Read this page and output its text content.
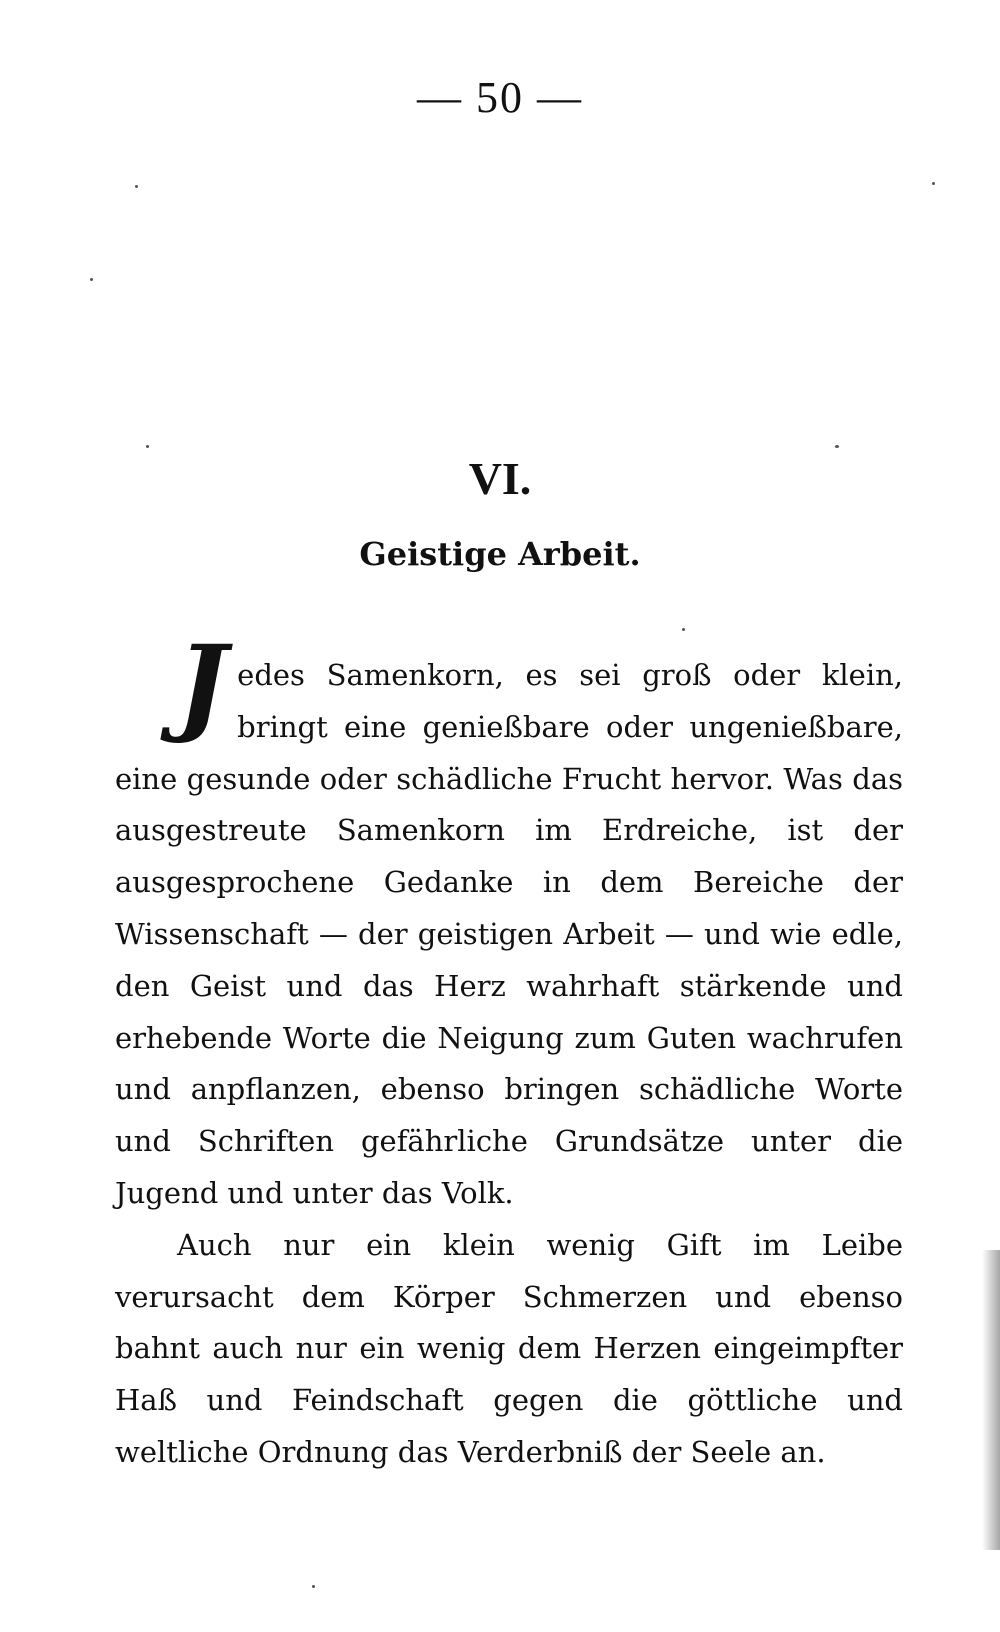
— 50 —
VI.
Geistige Arbeit.

Jedes Samenkorn, es sei groß oder klein, bringt eine genießbare oder ungenießbare, eine gesunde oder schädliche Frucht hervor. Was das ausgestreute Samenkorn im Erdreiche, ist der ausgesprochene Gedanke in dem Bereiche der Wissenschaft — der geistigen Arbeit — und wie edle, den Geist und das Herz wahrhaft stärkende und erhebende Worte die Neigung zum Guten wachrufen und anpflanzen, ebenso bringen schädliche Worte und Schriften gefährliche Grundsätze unter die Jugend und unter das Volk.

Auch nur ein klein wenig Gift im Leibe verursacht dem Körper Schmerzen und ebenso bahnt auch nur ein wenig dem Herzen eingeimpfter Haß und Feindschaft gegen die göttliche und weltliche Ordnung das Verderbniß der Seele an.
